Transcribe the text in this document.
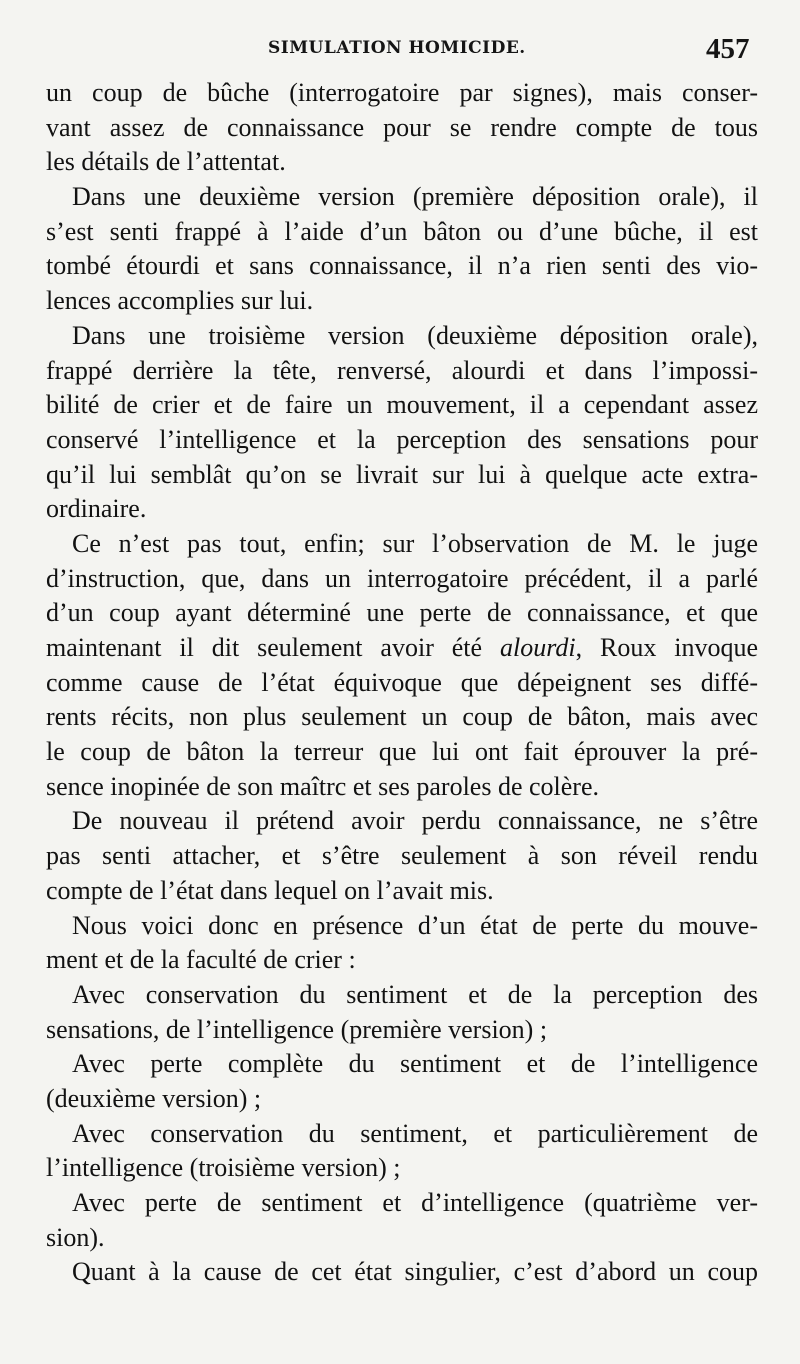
SIMULATION HOMICIDE.	457
un coup de bûche (interrogatoire par signes), mais conser-
vant assez de connaissance pour se rendre compte de tous
les détails de l’attentat.
Dans une deuxième version (première déposition orale), il
s’est senti frappé à l’aide d’un bâton ou d’une bûche, il est
tombé étourdi et sans connaissance, il n’a rien senti des vio-
lences accomplies sur lui.
Dans une troisième version (deuxième déposition orale),
frappé derrière la tête, renversé, alourdi et dans l’impossi-
bilité de crier et de faire un mouvement, il a cependant assez
conservé l’intelligence et la perception des sensations pour
qu’il lui semblât qu’on se livrait sur lui à quelque acte extra-
ordinaire.
Ce n’est pas tout, enfin; sur l’observation de M. le juge
d’instruction, que, dans un interrogatoire précédent, il a parlé
d’un coup ayant déterminé une perte de connaissance, et que
maintenant il dit seulement avoir été alourdi, Roux invoque
comme cause de l’état équivoque que dépeignent ses diffé-
rents récits, non plus seulement un coup de bâton, mais avec
le coup de bâton la terreur que lui ont fait éprouver la pré-
sence inopinée de son maîtrc et ses paroles de colère.
De nouveau il prétend avoir perdu connaissance, ne s’être
pas senti attacher, et s’être seulement à son réveil rendu
compte de l’état dans lequel on l’avait mis.
Nous voici donc en présence d’un état de perte du mouve-
ment et de la faculté de crier :
Avec conservation du sentiment et de la perception des
sensations, de l’intelligence (première version) ;
Avec perte complète du sentiment et de l’intelligence
(deuxième version) ;
Avec conservation du sentiment, et particulièrement de
l’intelligence (troisième version) ;
Avec perte de sentiment et d’intelligence (quatrième ver-
sion).
Quant à la cause de cet état singulier, c’est d’abord un coup
